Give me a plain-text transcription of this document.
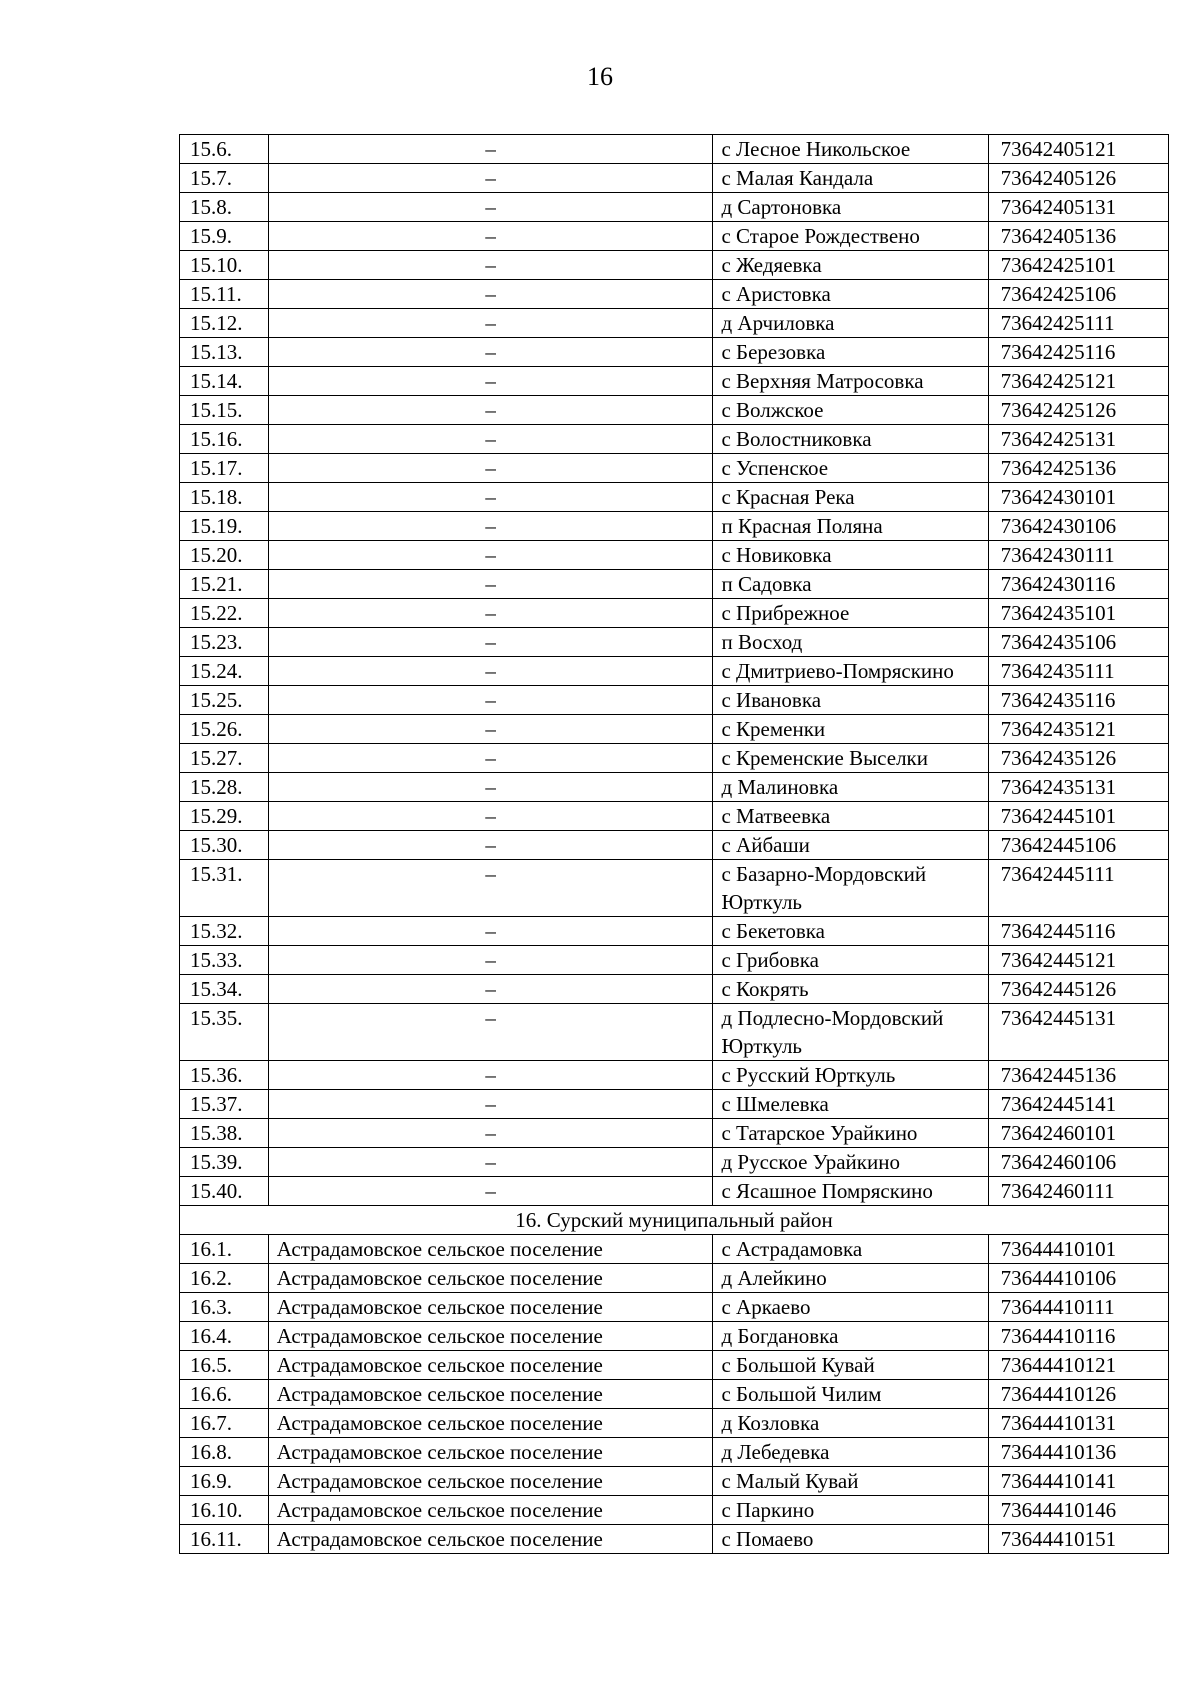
16
15.6.	–	с Лесное Никольское	73642405121
15.7.	–	с Малая Кандала	73642405126
15.8.	–	д Сартоновка	73642405131
15.9.	–	с Старое Рождествено	73642405136
15.10.	–	с Жедяевка	73642425101
15.11.	–	с Аристовка	73642425106
15.12.	–	д Арчиловка	73642425111
15.13.	–	с Березовка	73642425116
15.14.	–	с Верхняя Матросовка	73642425121
15.15.	–	с Волжское	73642425126
15.16.	–	с Волостниковка	73642425131
15.17.	–	с Успенское	73642425136
15.18.	–	с Красная Река	73642430101
15.19.	–	п Красная Поляна	73642430106
15.20.	–	с Новиковка	73642430111
15.21.	–	п Садовка	73642430116
15.22.	–	с Прибрежное	73642435101
15.23.	–	п Восход	73642435106
15.24.	–	с Дмитриево-Помряскино	73642435111
15.25.	–	с Ивановка	73642435116
15.26.	–	с Кременки	73642435121
15.27.	–	с Кременские Выселки	73642435126
15.28.	–	д Малиновка	73642435131
15.29.	–	с Матвеевка	73642445101
15.30.	–	с Айбаши	73642445106
15.31.	–	с Базарно-Мордовский Юрткуль	73642445111
15.32.	–	с Бекетовка	73642445116
15.33.	–	с Грибовка	73642445121
15.34.	–	с Кокрять	73642445126
15.35.	–	д Подлесно-Мордовский Юрткуль	73642445131
15.36.	–	с Русский Юрткуль	73642445136
15.37.	–	с Шмелевка	73642445141
15.38.	–	с Татарское Урайкино	73642460101
15.39.	–	д Русское Урайкино	73642460106
15.40.	–	с Ясашное Помряскино	73642460111
16. Сурский муниципальный район			
16.1.	Астрадамовское сельское поселение	с Астрадамовка	73644410101
16.2.	Астрадамовское сельское поселение	д Алейкино	73644410106
16.3.	Астрадамовское сельское поселение	с Аркаево	73644410111
16.4.	Астрадамовское сельское поселение	д Богдановка	73644410116
16.5.	Астрадамовское сельское поселение	с Большой Кувай	73644410121
16.6.	Астрадамовское сельское поселение	с Большой Чилим	73644410126
16.7.	Астрадамовское сельское поселение	д Козловка	73644410131
16.8.	Астрадамовское сельское поселение	д Лебедевка	73644410136
16.9.	Астрадамовское сельское поселение	с Малый Кувай	73644410141
16.10.	Астрадамовское сельское поселение	с Паркино	73644410146
16.11.	Астрадамовское сельское поселение	с Помаево	73644410151
